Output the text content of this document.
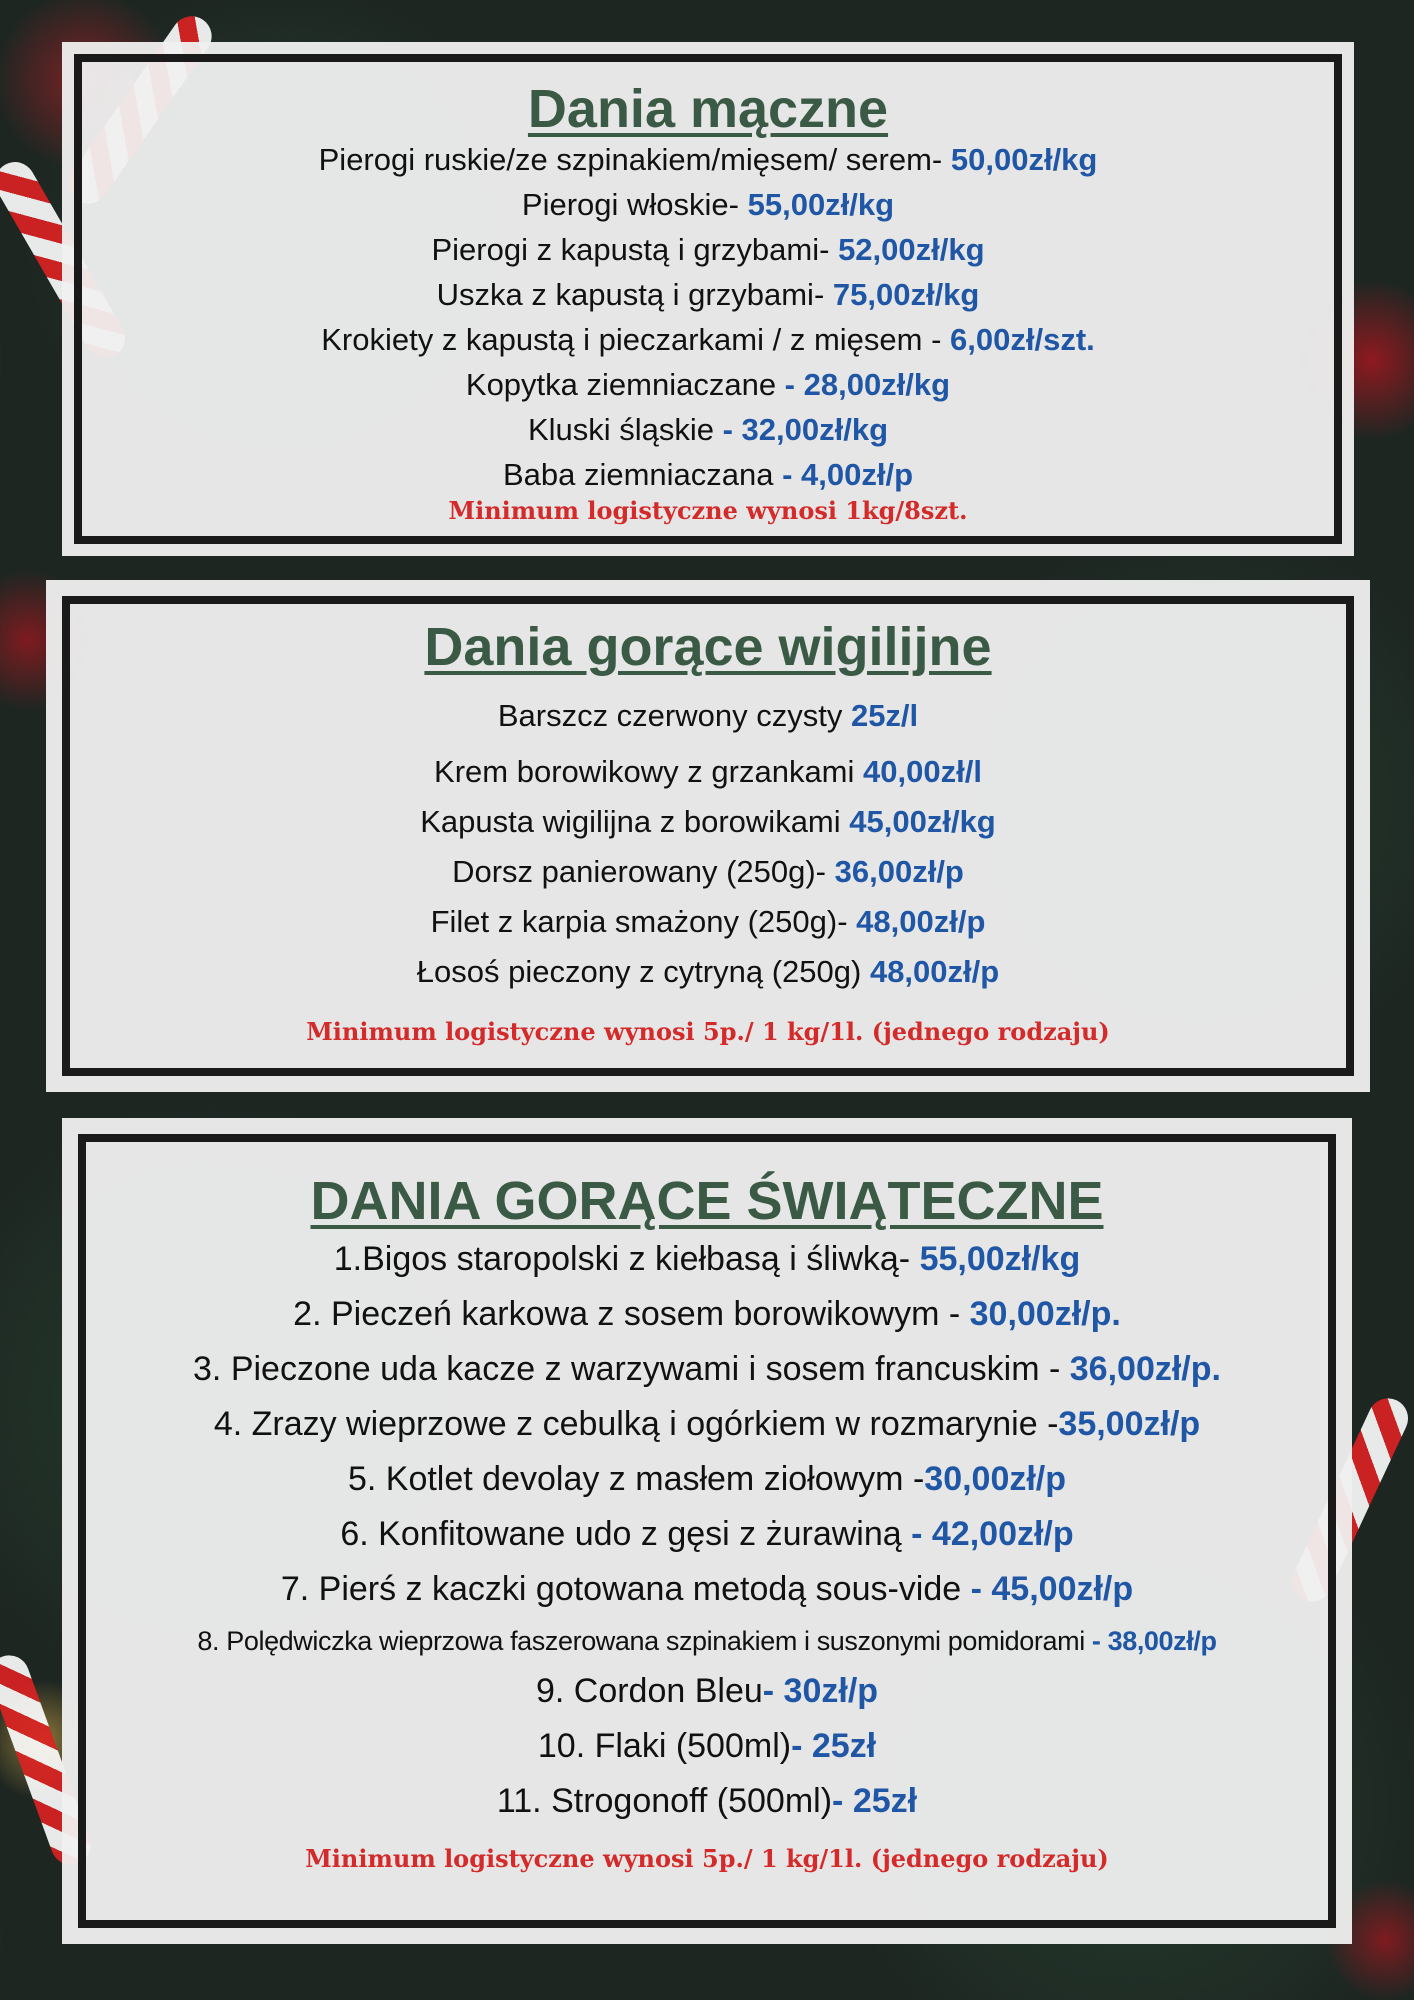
Dania mączne
Pierogi ruskie/ze szpinakiem/mięsem/ serem- 50,00zł/kg
Pierogi włoskie- 55,00zł/kg
Pierogi z kapustą i grzybami- 52,00zł/kg
Uszka z kapustą i grzybami- 75,00zł/kg
Krokiety z kapustą i pieczarkami / z mięsem - 6,00zł/szt.
Kopytka ziemniaczane - 28,00zł/kg
Kluski śląskie - 32,00zł/kg
Baba ziemniaczana - 4,00zł/p
Minimum logistyczne wynosi 1kg/8szt.
Dania gorące wigilijne
Barszcz czerwony czysty 25z/l
Krem borowikowy z grzankami 40,00zł/l
Kapusta wigilijna z borowikami 45,00zł/kg
Dorsz panierowany (250g)- 36,00zł/p
Filet z karpia smażony (250g)- 48,00zł/p
Łosoś pieczony z cytryną (250g) 48,00zł/p
Minimum logistyczne wynosi 5p./ 1 kg/1l. (jednego rodzaju)
DANIA GORĄCE ŚWIĄTECZNE
1.Bigos staropolski z kiełbasą i śliwką- 55,00zł/kg
2. Pieczeń karkowa z sosem borowikowym - 30,00zł/p.
3. Pieczone uda kacze z warzywami i sosem francuskim - 36,00zł/p.
4. Zrazy wieprzowe z cebulką i ogórkiem w rozmarynie -35,00zł/p
5. Kotlet devolay z masłem ziołowym -30,00zł/p
6. Konfitowane udo z gęsi z żurawiną - 42,00zł/p
7. Pierś z kaczki gotowana metodą sous-vide - 45,00zł/p
8. Polędwiczka wieprzowa faszerowana szpinakiem i suszonymi pomidorami - 38,00zł/p
9. Cordon Bleu- 30zł/p
10. Flaki (500ml)- 25zł
11. Strogonoff (500ml)- 25zł
Minimum logistyczne wynosi 5p./ 1 kg/1l. (jednego rodzaju)
